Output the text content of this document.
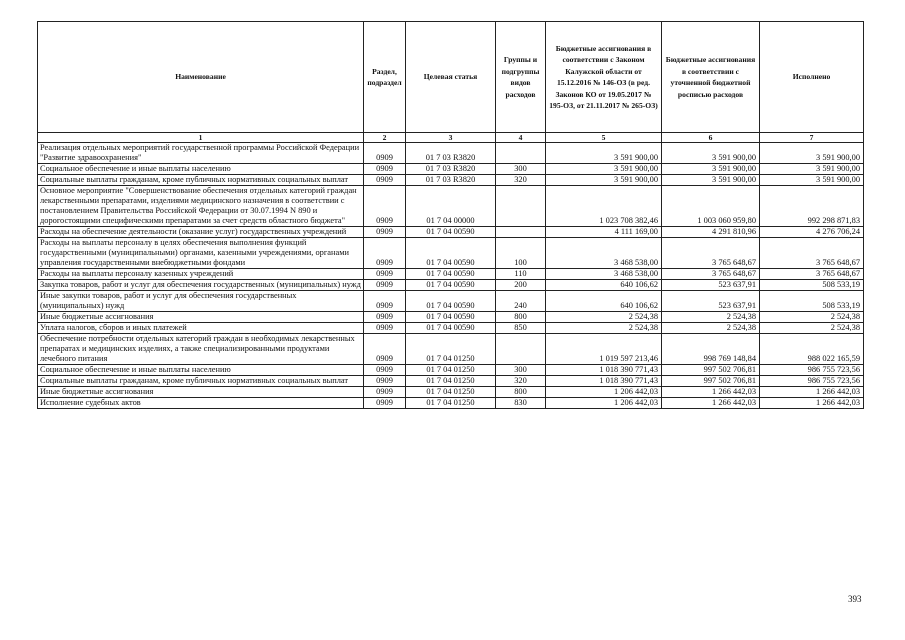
Наименование	Раздел, подраздел	Целевая статья	Группы и подгруппы видов расходов	Бюджетные ассигнования в соответствии с Законом Калужской области от 15.12.2016 № 146-ОЗ (в ред. Законов КО от 19.05.2017 № 195-ОЗ, от 21.11.2017 № 265-ОЗ)	Бюджетные ассигнования в соответствии с уточненной бюджетной росписью расходов	Исполнено
1	2	3	4	5	6	7
Реализация отдельных мероприятий государственной программы Российской Федерации "Развитие здравоохранения"	0909	01 7 03 R3820		3 591 900,00	3 591 900,00	3 591 900,00
Социальное обеспечение и иные выплаты населению	0909	01 7 03 R3820	300	3 591 900,00	3 591 900,00	3 591 900,00
Социальные выплаты гражданам, кроме публичных нормативных социальных выплат	0909	01 7 03 R3820	320	3 591 900,00	3 591 900,00	3 591 900,00
Основное мероприятие "Совершенствование обеспечения отдельных категорий граждан лекарственными препаратами, изделиями медицинского назначения в соответствии с постановлением Правительства Российской Федерации от 30.07.1994 N 890 и дорогостоящими специфическими препаратами за счет средств областного бюджета"	0909	01 7 04 00000		1 023 708 382,46	1 003 060 959,80	992 298 871,83
Расходы на обеспечение деятельности (оказание услуг) государственных учреждений	0909	01 7 04 00590		4 111 169,00	4 291 810,96	4 276 706,24
Расходы на выплаты персоналу в целях обеспечения выполнения функций государственными (муниципальными) органами, казенными учреждениями, органами управления государственными внебюджетными фондами	0909	01 7 04 00590	100	3 468 538,00	3 765 648,67	3 765 648,67
Расходы на выплаты персоналу казенных учреждений	0909	01 7 04 00590	110	3 468 538,00	3 765 648,67	3 765 648,67
Закупка товаров, работ и услуг для обеспечения государственных (муниципальных) нужд	0909	01 7 04 00590	200	640 106,62	523 637,91	508 533,19
Иные закупки товаров, работ и услуг для обеспечения государственных (муниципальных) нужд	0909	01 7 04 00590	240	640 106,62	523 637,91	508 533,19
Иные бюджетные ассигнования	0909	01 7 04 00590	800	2 524,38	2 524,38	2 524,38
Уплата налогов, сборов и иных платежей	0909	01 7 04 00590	850	2 524,38	2 524,38	2 524,38
Обеспечение потребности отдельных категорий граждан в необходимых лекарственных препаратах и медицинских изделиях, а также специализированными продуктами лечебного питания	0909	01 7 04 01250		1 019 597 213,46	998 769 148,84	988 022 165,59
Социальное обеспечение и иные выплаты населению	0909	01 7 04 01250	300	1 018 390 771,43	997 502 706,81	986 755 723,56
Социальные выплаты гражданам, кроме публичных нормативных социальных выплат	0909	01 7 04 01250	320	1 018 390 771,43	997 502 706,81	986 755 723,56
Иные бюджетные ассигнования	0909	01 7 04 01250	800	1 206 442,03	1 266 442,03	1 266 442,03
Исполнение судебных актов	0909	01 7 04 01250	830	1 206 442,03	1 266 442,03	1 266 442,03
393
